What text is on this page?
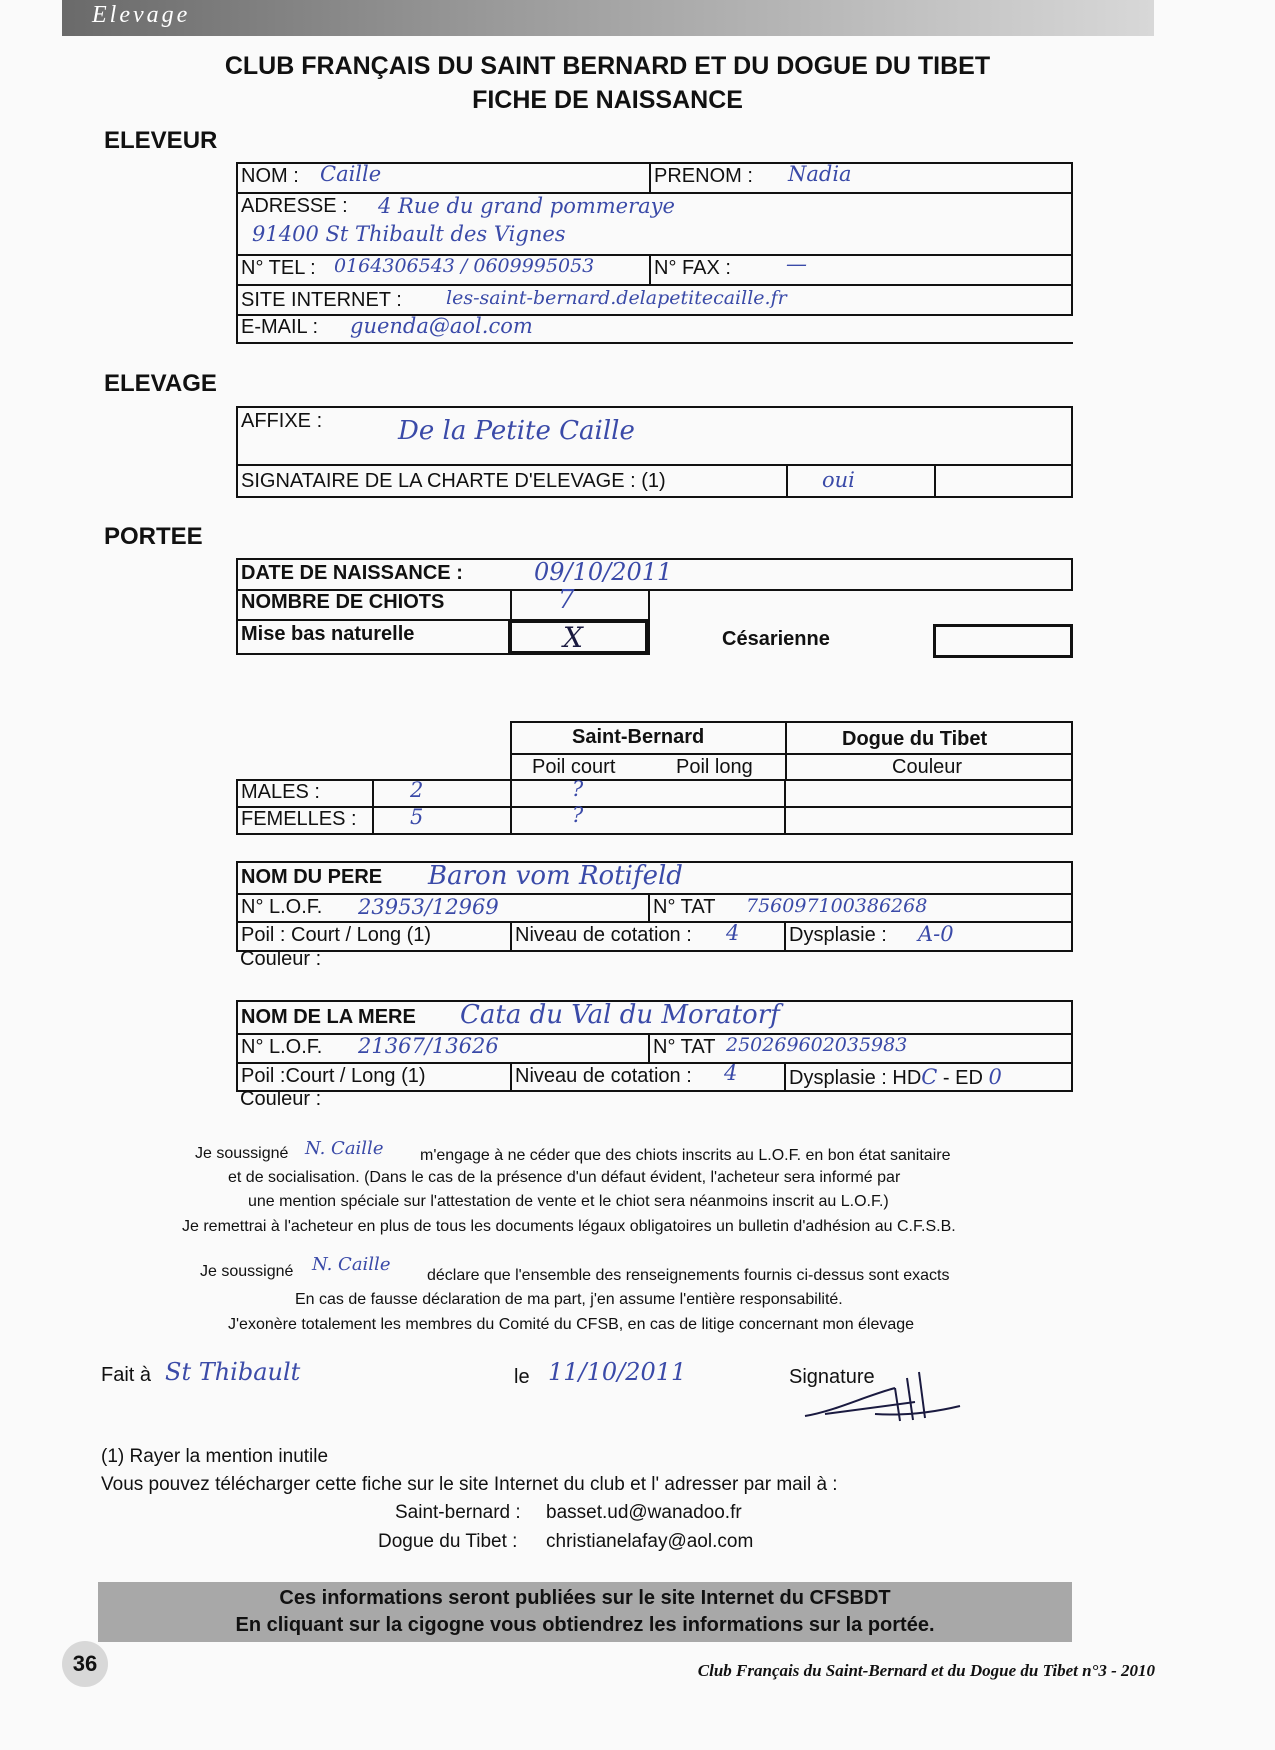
Elevage
CLUB FRANÇAIS DU SAINT BERNARD ET DU DOGUE DU TIBET
FICHE DE NAISSANCE
ELEVEUR
NOM : Caille	PRENOM : Nadia
ADRESSE : 4 Rue du grand pommeraye
91400 St Thibault des Vignes
N° TEL : 0164306543 / 0609995053	N° FAX :	—
SITE INTERNET : les-saint-bernard.delapetitecaille.fr
E-MAIL : guenda@aol.com
ELEVAGE
AFFIXE :	De la Petite Caille
SIGNATAIRE DE LA CHARTE D'ELEVAGE : (1)	oui
PORTEE
DATE DE NAISSANCE :	09/10/2011
NOMBRE DE CHIOTS	7
Mise bas naturelle	X	Césarienne
Saint-Bernard	Dogue du Tibet
Poil court	Poil long	Couleur
MALES :	2	?
FEMELLES :	5	?
NOM DU PERE Baron vom Rotifeld
N° L.O.F. 23953/12969	N° TAT 756097100386268
Poil : Court / Long (1)	Niveau de cotation : 4 Dysplasie : A-0
Couleur :
NOM DE LA MERE Cata du Val du Moratorf
N° L.O.F. 21367/13626	N° TAT 250269602035983
Poil :Court / Long (1)	Niveau de cotation : 4	Dysplasie : HDC - ED 0
Couleur :
Je soussigné N. Caille m'engage à ne céder que des chiots inscrits au L.O.F. en bon état sanitaire
et de socialisation. (Dans le cas de la présence d'un défaut évident, l'acheteur sera informé par
une mention spéciale sur l'attestation de vente et le chiot sera néanmoins inscrit au L.O.F.)
Je remettrai à l'acheteur en plus de tous les documents légaux obligatoires un bulletin d'adhésion au C.F.S.B.
Je soussigné N. Caille
déclare que l'ensemble des renseignements fournis ci-dessus sont exacts
En cas de fausse déclaration de ma part, j'en assume l'entière responsabilité.
J'exonère totalement les membres du Comité du CFSB, en cas de litige concernant mon élevage
Fait à St Thibault	le 11/10/2011	Signature
(1) Rayer la mention inutile
Vous pouvez télécharger cette fiche sur le site Internet du club et l' adresser par mail à :
Saint-bernard : basset.ud@wanadoo.fr
Dogue du Tibet : christianelafay@aol.com
Ces informations seront publiées sur le site Internet du CFSBDT
En cliquant sur la cigogne vous obtiendrez les informations sur la portée.
36	Club Français du Saint-Bernard et du Dogue du Tibet n°3 - 2010
